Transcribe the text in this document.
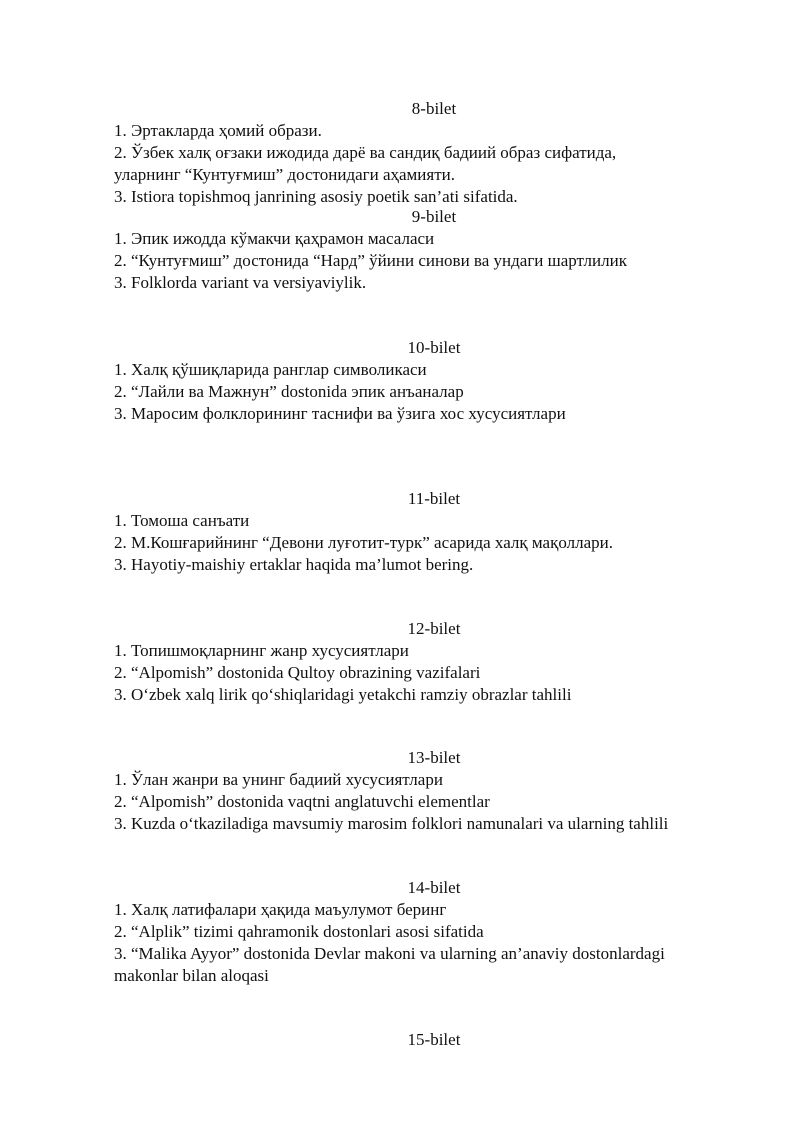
8-bilet
1. Эртакларда ҳомий образи.
2. Ўзбек халқ оғзаки ижодида дарё ва сандиқ бадиий образ сифатида,
уларнинг “Кунтуғмиш” достонидаги аҳамияти.
3. Istiora topishmoq janrining asosiy poetik san’ati sifatida.
9-bilet
1. Эпик ижодда кўмакчи қаҳрамон масаласи
2. “Кунтуғмиш” достонида “Нард” ўйини синови ва ундаги шартлилик
3. Folklorda variant va versiyaviylik.
10-bilet
1. Халқ қўшиқларида ранглар символикаси
2. “Лайли ва Мажнун” dostonida эпик анъаналар
3. Маросим фолклорининг таснифи ва ўзига хос хусусиятлари
11-bilet
1. Томоша санъати
2. М.Кошғарийнинг “Девони луғотит-турк” асарида халқ мақоллари.
3. Hayotiy-maishiy ertaklar haqida ma’lumot bering.
12-bilet
1. Топишмоқларнинг жанр хусусиятлари
2. “Alpomish” dostonida Qultoy obrazining vazifalari
3. O‘zbek xalq lirik qo‘shiqlaridagi yetakchi ramziy obrazlar tahlili
13-bilet
1. Ўлан жанри ва унинг бадиий хусусиятлари
2. “Alpomish” dostonida vaqtni anglatuvchi elementlar
3. Kuzda o‘tkaziladiga mavsumiy marosim folklori namunalari va ularning tahlili
14-bilet
1. Халқ латифалари ҳақида маъулумот беринг
2. “Alplik” tizimi qahramonik dostonlari asosi sifatida
3. “Malika Ayyor” dostonida Devlar makoni va ularning an’anaviy dostonlardagi
makonlar bilan aloqasi
15-bilet
